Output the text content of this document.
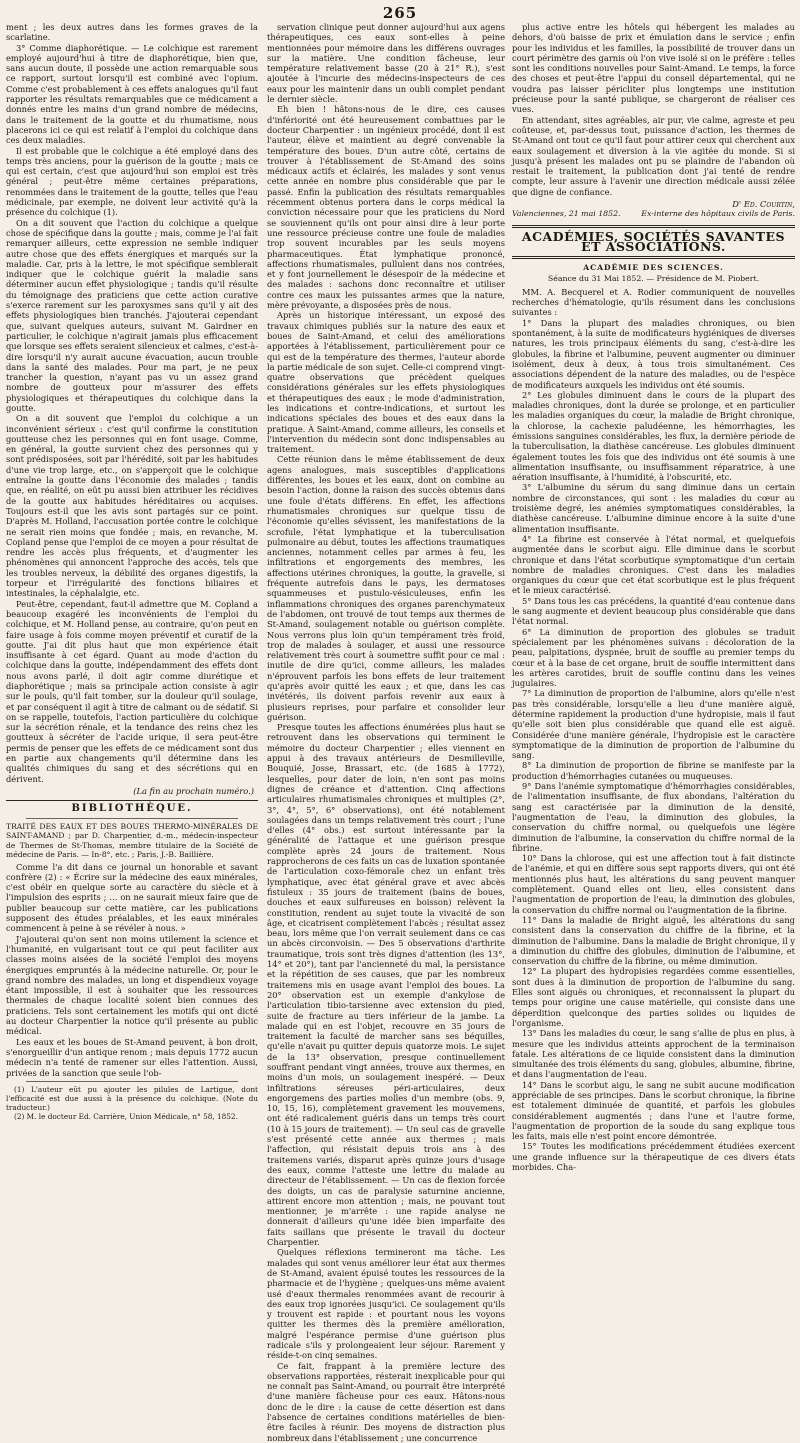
265

ment ; les deux autres dans les formes graves de la scarlatine.

3° Comme diaphorétique. — Le colchique est rarement employé aujourd'hui à titre de diaphorétique, bien que, sans aucun doute, il possède une action remarquable sous ce rapport, surtout lorsqu'il est combiné avec l'opium. Comme c'est probablement à ces effets analogues qu'il faut rapporter les résultats remarquables que ce médicament a donnés entre les mains d'un grand nombre de médecins, dans le traitement de la goutte et du rhumatisme, nous placerons ici ce qui est relatif à l'emploi du colchique dans ces deux maladies.

Il est probable que le colchique a été employé dans des temps très anciens, pour la guérison de la goutte ; mais ce qui est certain, c'est que aujourd'hui son emploi est très général ; peut-être même certaines préparations, renommées dans le traitement de la goutte, telles que l'eau médicinale, par exemple, ne doivent leur activité qu'à la présence du colchique (1).

On a dit souvent que l'action du colchique a quelque chose de spécifique dans la goutte ; mais, comme je l'ai fait remarquer ailleurs, cette expression ne semble indiquer autre chose que des effets énergiques et marqués sur la maladie. Car, pris à la lettre, le mot spécifique semblerait indiquer que le colchique guérit la maladie sans déterminer aucun effet physiologique ; tandis qu'il résulte du témoignage des praticiens que cette action curative s'exerce rarement sur les paroxysmes sans qu'il y ait des effets physiologiques bien tranchés. J'ajouterai cependant que, suivant quelques auteurs, suivant M. Gairdner en particulier, le colchique n'agirait jamais plus efficacement que lorsque ses effets seraient silencieux et calmes, c'est-à-dire lorsqu'il n'y aurait aucune évacuation, aucun trouble dans la santé des malades. Pour ma part, je ne peux trancher la question, n'ayant pas vu un assez grand nombre de goutteux pour m'assurer des effets physiologiques et thérapeutiques du colchique dans la goutte.

On a dit souvent que l'emploi du colchique a un inconvénient sérieux : c'est qu'il confirme la constitution goutteuse chez les personnes qui en font usage. Comme, en général, la goutte survient chez des personnes qui y sont prédisposées, soit par l'hérédité, soit par les habitudes d'une vie trop large, etc., on s'apperçoit que le colchique entraîne la goutte dans l'économie des malades ; tandis que, en réalité, on eût pu aussi bien attribuer les récidives de la goutte aux habitudes héréditaires ou acquises. Toujours est-il que les avis sont partagés sur ce point. D'après M. Holland, l'accusation portée contre le colchique ne serait rien moins que fondée ; mais, en revanche, M. Copland pense que l'emploi de ce moyen a pour résultat de rendre les accès plus fréquents, et d'augmenter les phénomènes qui annoncent l'approche des accès, tels que les troubles nerveux, la débilité des organes digestifs, la torpeur et l'irrégularité des fonctions biliaires et intestinales, la céphalalgie, etc.

Peut-être, cependant, faut-il admettre que M. Copland a beaucoup exagéré les inconvénients de l'emploi du colchique, et M. Holland pense, au contraire, qu'on peut en faire usage à fois comme moyen préventif et curatif de la goutte. J'ai dit plus haut que mon expérience était insuffisante à cet égard. Quant au mode d'action du colchique dans la goutte, indépendamment des effets dont nous avons parlé, il doit agir comme diurétique et diaphorétique ; mais sa principale action consiste à agir sur le pouls, qu'il fait tomber, sur la douleur qu'il soulage, et par conséquent il agit à titre de calmant ou de sédatif. Si on se rappelle, toutefois, l'action particulière du colchique sur la sécrétion rénale, et la tendance des reins chez les goutteux à sécréter de l'acide urique, il sera peut-être permis de penser que les effets de ce médicament sont dus en partie aux changements qu'il détermine dans les qualités chimiques du sang et des sécrétions qui en dérivent.

(La fin au prochain numéro.)
BIBLIOTHÈQUE.
TRAITÉ DES EAUX ET DES BOUES THERMO-MINÉRALES DE SAINT-AMAND ; par D. Charpentier, d.-m., médecin-inspecteur de Thermes de St-Thomas, membre titulaire de la Société de médecine de Paris. — In-8°, etc. ; Paris, J.-B. Baillière.

Comme l'a dit dans ce journal un honorable et savant confrère (2) : « Écrire sur la médecine des eaux minérales, c'est obéir en quelque sorte au caractère du siècle et à l'impulsion des esprits ; … on ne saurait mieux faire que de publier beaucoup sur cette matière, car les publications supposent des études préalables, et les eaux minérales commencent à peine à se révéler à nous. »

J'ajouterai qu'on sent non moins utilement la science et l'humanité, en vulgarisant tout ce qui peut faciliter aux classes moins aisées de la société l'emploi des moyens énergiques empruntés à la médecine naturelle. Or, pour le grand nombre des malades, un long et dispendieux voyage étant impossible, il est à souhaiter que les ressources thermales de chaque localité soient bien connues des praticiens. Tels sont certainement les motifs qui ont dicté au docteur Charpentier la notice qu'il présente au public médical.

Les eaux et les boues de St-Amand peuvent, à bon droit, s'enorgueillir d'un antique renom ; mais depuis 1772 aucun médecin n'a tenté de ramener sur elles l'attention. Aussi, privées de la sanction que seule l'ob-

(1) L'auteur eût pu ajouter les pilules de Lartigue, dont l'efficacité est due aussi à la présence du colchique. (Note du traducteur.)
(2) M. le docteur Ed. Carrière, Union Médicale, n° 58, 1852.

servation clinique peut donner aujourd'hui aux agens thérapeutiques, ces eaux sont-elles à peine mentionnées pour mémoire dans les différens ouvrages sur la matière. Une condition fâcheuse, leur température relativement basse (20 à 21° R.), s'est ajoutée à l'incurie des médecins-inspecteurs de ces eaux pour les maintenir dans un oubli complet pendant le dernier siècle.

Eh bien ! hâtons-nous de le dire, ces causes d'infériorité ont été heureusement combattues par le docteur Charpentier : un ingénieux procédé, dont il est l'auteur, élève et maintient au degré convenable la température des boues. D'un autre côté, certains de trouver à l'établissement de St-Amand des soins médicaux actifs et éclairés, les malades y sont venus cette année en nombre plus considérable que par le passé. Enfin la publication des résultats remarquables récemment obtenus portera dans le corps médical la conviction nécessaire pour que les praticiens du Nord se souviennent qu'ils ont pour ainsi dire à leur porte une ressource précieuse contre une foule de maladies trop souvent incurables par les seuls moyens pharmaceutiques. État lymphatique prononcé, affections rhumatismales, pullulent dans nos contrées, et y font journellement le désespoir de la médecine et des malades : sachons donc reconnaître et utiliser contre ces maux les puissantes armes que la nature, mère prévoyante, a disposées près de nous.

Après un historique intéressant, un exposé des travaux chimiques publiés sur la nature des eaux et boues de Saint-Amand, et celui des améliorations apportées à l'établissement, particulièrement pour ce qui est de la température des thermes, l'auteur aborde la partie médicale de son sujet. Celle-ci comprend vingt-quatre observations que précèdent quelques considérations générales sur les effets physiologiques et thérapeutiques des eaux ; le mode d'administration, les indications et contre-indications, et surtout les indications spéciales des boues et des eaux dans la pratique. À Saint-Amand, comme ailleurs, les conseils et l'intervention du médecin sont donc indispensables au traitement.

Cette réunion dans le même établissement de deux agens analogues, mais susceptibles d'applications différentes, les boues et les eaux, dont on combine au besoin l'action, donne la raison des succès obtenus dans une foule d'états différens. En effet, les affections rhumatismales chroniques sur quelque tissu de l'économie qu'elles sévissent, les manifestations de la scrofule, l'état lymphatique et la tuberculisation pulmonaire au début, toutes les affections traumatiques anciennes, notamment celles par armes à feu, les infiltrations et engorgements des membres, les affections utérines chroniques, la goutte, la gravelle, si fréquente autrefois dans le pays, les dermatoses squammeuses et pustulo-vésiculeuses, enfin les inflammations chroniques des organes parenchymateux de l'abdomen, ont trouvé de tout temps aux thermes de St-Amand, soulagement notable ou guérison complète. Nous verrons plus loin qu'un tempérament très froid, trop de malades à soulager, et aussi une ressource relativement très court à soumettre suffit pour ce mal : inutile de dire qu'ici, comme ailleurs, les malades n'éprouvent parfois les bons effets de leur traitement qu'après avoir quitté les eaux ; et que, dans les cas invétérés, ils doivent parfois revenir aux eaux à plusieurs reprises, pour parfaire et consolider leur guérison.

Presque toutes les affections énumérées plus haut se retrouvent dans les observations qui terminent le mémoire du docteur Charpentier ; elles viennent en appui à des travaux antérieurs de Desmilleville, Bouquié, Josse, Brassart, etc. (de 1685 à 1772), lesquelles, pour dater de loin, n'en sont pas moins dignes de créance et d'attention. Cinq affections articulaires rhumatismales chroniques et multiples (2°, 3°, 4°, 5°, 6° observations), ont été notablement soulagées dans un temps relativement très court ; l'une d'elles (4° obs.) est surtout intéressante par la généralité de l'attaque et une guérison presque complète après 24 jours de traitement. Nous rapprocherons de ces faits un cas de luxation spontanée de l'articulation coxo-fémorale chez un enfant très lymphatique, avec état général grave et avec abcès fistuleux : 35 jours de traitement (bains de boues, douches et eaux sulfureuses en boisson) relèvent la constitution, rendent au sujet toute la vivacité de son âge, et cicatrisent complètement l'abcès ; résultat assez beau, lors même que l'on verrait seulement dans ce cas un abcès circonvoisin. — Des 5 observations d'arthrite traumatique, trois sont très dignes d'attention (les 13°, 14° et 20°), tant par l'ancienneté du mal, la persistance et la répétition de ses causes, que par les nombreux traitemens mis en usage avant l'emploi des boues. La 20° observation est un exemple d'ankylose de l'articulation tibio-tarsienne avec extension du pied, suite de fracture au tiers inférieur de la jambe. La malade qui en est l'objet, recouvre en 35 jours de traitement la faculté de marcher sans ses béquilles, qu'elle n'avait pu quitter depuis quatorze mois. Le sujet de la 13° observation, presque continuellement souffrant pendant vingt années, trouve aux thermes, en moins d'un mois, un soulagement inespéré. — Deux infiltrations séreuses péri-articulaires, deux engorgemens des parties molles d'un membre (obs. 9, 10, 15, 16), complètement gravement les mouvemens, ont été radicalement guéris dans un temps très court (10 à 15 jours de traitement). — Un seul cas de gravelle s'est présenté cette année aux thermes ; mais l'affection, qui résistait depuis trois ans à des traitemens variés, disparut après quinze jours d'usage des eaux, comme l'atteste une lettre du malade au directeur de l'établissement. — Un cas de flexion forcée des doigts, un cas de paralysie saturnine ancienne, attirent encore mon attention ; mais, ne pouvant tout mentionner, je m'arrête : une rapide analyse ne donnerait d'ailleurs qu'une idée bien imparfaite des faits saillans que présente le travail du docteur Charpentier.

Quelques réflexions termineront ma tâche. Les malades qui sont venus améliorer leur état aux thermes de St-Amand, avaient épuisé toutes les ressources de la pharmacie et de l'hygiène ; quelques-uns même avaient usé d'eaux thermales renommées avant de recourir à des eaux trop ignorées jusqu'ici. Ce soulagement qu'ils y trouvent est rapide : et pourtant nous les voyons quitter les thermes dès la première amélioration, malgré l'espérance permise d'une guérison plus radicale s'ils y prolongeaient leur séjour. Rarement y réside-t-on cinq semaines.

Ce fait, frappant à la première lecture des observations rapportées, résterait inexplicable pour qui ne connaît pas Saint-Amand, ou pourrait être interprété d'une manière fâcheuse pour ces eaux. Hâtons-nous donc de le dire : la cause de cette désertion est dans l'absence de certaines conditions matérielles de bien-être faciles à réunir. Des moyens de distraction plus nombreux dans l'établissement ; une concurrence

plus active entre les hôtels qui hébergent les malades au dehors, d'où baisse de prix et émulation dans le service ; enfin pour les individus et les familles, la possibilité de trouver dans un court périmètre des garnis où l'on vive isolé si on le préfère : telles sont les conditions nouvelles pour Saint-Amand. Le temps, la force des choses et peut-être l'appui du conseil départemental, qui ne voudra pas laisser péricliter plus longtemps une institution précieuse pour la santé publique, se chargeront de réaliser ces vues.

En attendant, sites agréables, air pur, vie calme, agreste et peu coûteuse, et, par-dessus tout, puissance d'action, les thermes de St-Amand ont tout ce qu'il faut pour attirer ceux qui cherchent aux eaux soulagement et diversion à la vie agitée du monde. Si si jusqu'à présent les malades ont pu se plaindre de l'abandon où restait le traitement, la publication dont j'ai tenté de rendre compte, leur assure à l'avenir une direction médicale aussi zélée que digne de confiance.

D' Ed. Courtin,
Valenciennes, 21 mai 1852.	Ex-interne des hôpitaux civils de Paris.
ACADÉMIES, SOCIÉTÉS SAVANTES ET ASSOCIATIONS.
ACADÉMIE DES SCIENCES.
Séance du 31 Mai 1852. — Présidence de M. Piobert.

MM. A. Becquerel et A. Rodier communiquent de nouvelles recherches d'hématologie, qu'ils résument dans les conclusions suivantes :

1° Dans la plupart des maladies chroniques, ou bien spontanément, à la suite de modificateurs hygiéniques de diverses natures, les trois principaux éléments du sang, c'est-à-dire les globules, la fibrine et l'albumine, peuvent augmenter ou diminuer isolément, deux à deux, à tous trois simultanément. Ces associations dépendent de la nature des maladies, ou de l'espèce de modificateurs auxquels les individus ont été soumis.

2° Les globules diminuent dans le cours de la plupart des maladies chroniques, dont la durée se prolonge, et en particulier les maladies organiques du cœur, la maladie de Bright chronique, la chlorose, la cachexie paludéenne, les hémorrhagies, les émissions sanguines considérables, les flux, la dernière période de la tuberculisation, la diathèse cancéreuse. Les globules diminuent également toutes les fois que des individus ont été soumis à une alimentation insuffisante, ou insuffisamment réparatrice, à une aération insuffisante, à l'humidité, à l'obscurité, etc.

3° L'albumine du sérum du sang diminue dans un certain nombre de circonstances, qui sont : les maladies du cœur au troisième degré, les anémies symptomatiques considérables, la diathèse cancéreuse. L'albumine diminue encore à la suite d'une alimentation insuffisante.

4° La fibrine est conservée à l'état normal, et quelquefois augmentée dans le scorbut aigu. Elle diminue dans le scorbut chronique et dans l'état scorbutique symptomatique d'un certain nombre de maladies chroniques. C'est dans les maladies organiques du cœur que cet état scorbutique est le plus fréquent et le mieux caractérisé.

5° Dans tous les cas précédens, la quantité d'eau contenue dans le sang augmente et devient beaucoup plus considérable que dans l'état normal.

6° La diminution de proportion des globules se traduit spécialement par les phénomènes suivans : décoloration de la peau, palpitations, dyspnée, bruit de souffle au premier temps du cœur et à la base de cet organe, bruit de souffle intermittent dans les artères carotides, bruit de souffle continu dans les veines jugulaires.

7° La diminution de proportion de l'albumine, alors qu'elle n'est pas très considérable, lorsqu'elle a lieu d'une manière aiguë, détermine rapidement la production d'une hydropisie, mais il faut qu'elle soit bien plus considérable que quand elle est aiguë. Considérée d'une manière générale, l'hydropisie est le caractère symptomatique de la diminution de proportion de l'albumine du sang.

8° La diminution de proportion de fibrine se manifeste par la production d'hémorrhagies cutanées ou muqueuses.

9° Dans l'anémie symptomatique d'hémorrhagies considérables, de l'alimentation insuffisante, de flux abondans, l'altération du sang est caractérisée par la diminution de la densité, l'augmentation de l'eau, la diminution des globules, la conservation du chiffre normal, ou quelquefois une légère diminution de l'albumine, la conservation du chiffre normal de la fibrine.

10° Dans la chlorose, qui est une affection tout à fait distincte de l'anémie, et qui en diffère sous sept rapports divers, qui ont été mentionnés plus haut, les altérations du sang peuvent manquer complètement. Quand elles ont lieu, elles consistent dans l'augmentation de proportion de l'eau, la diminution des globules, la conservation du chiffre normal ou l'augmentation de la fibrine.

11° Dans la maladie de Bright aiguë, les altérations du sang consistent dans la conservation du chiffre de la fibrine, et la diminution de l'albumine. Dans la maladie de Bright chronique, il y a diminution du chiffre des globules, diminution de l'albumine, et conservation du chiffre de la fibrine, ou même diminution.

12° La plupart des hydropisies regardées comme essentielles, sont dues à la diminution de proportion de l'albumine du sang. Elles sont aiguës ou chroniques, et reconnaissent la plupart du temps pour origine une cause matérielle, qui consiste dans une déperdition quelconque des parties solides ou liquides de l'organisme.

13° Dans les maladies du cœur, le sang s'allie de plus en plus, à mesure que les individus atteints approchent de la terminaison fatale. Les altérations de ce liquide consistent dans la diminution simultanée des trois éléments du sang, globules, albumine, fibrine, et dans l'augmentation de l'eau.

14° Dans le scorbut aigu, le sang ne subit aucune modification appréciable de ses principes. Dans le scorbut chronique, la fibrine est totalement diminuée de quantité, et parfois les globules considérablement augmentés ; dans l'une et l'autre forme, l'augmentation de proportion de la soude du sang explique tous les faits, mais elle n'est point encore démontrée.

15° Toutes les modifications précédemment étudiées exercent une grande influence sur la thérapeutique de ces divers états morbides. Cha-
